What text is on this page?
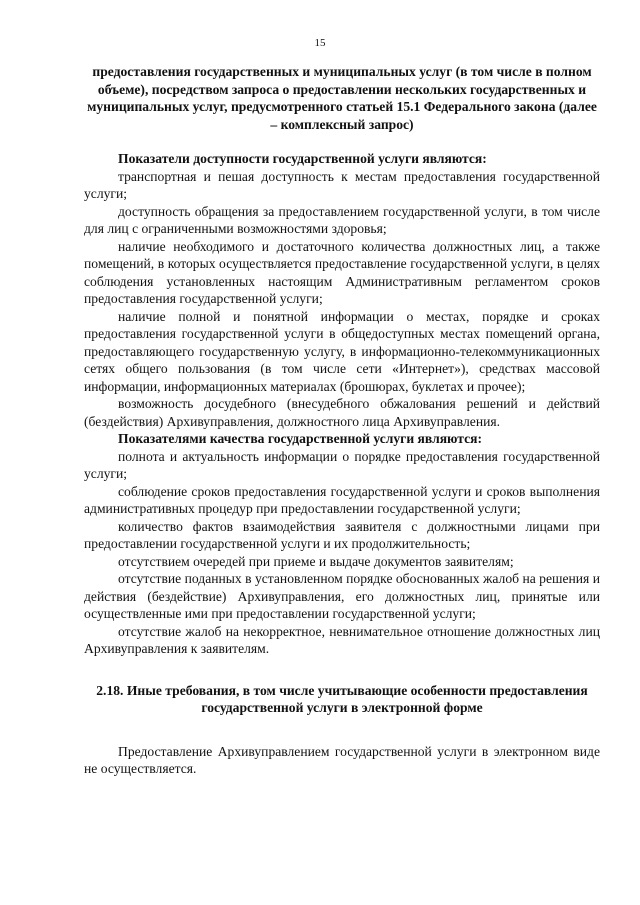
15

предоставления государственных и муниципальных услуг (в том числе в полном объеме), посредством запроса о предоставлении нескольких государственных и муниципальных услуг, предусмотренного статьей 15.1 Федерального закона (далее – комплексный запрос)

Показатели доступности государственной услуги являются:

транспортная и пешая доступность к местам предоставления государственной услуги;

доступность обращения за предоставлением государственной услуги, в том числе для лиц с ограниченными возможностями здоровья;

наличие необходимого и достаточного количества должностных лиц, а также помещений, в которых осуществляется предоставление государственной услуги, в целях соблюдения установленных настоящим Административным регламентом сроков предоставления государственной услуги;

наличие полной и понятной информации о местах, порядке и сроках предоставления государственной услуги в общедоступных местах помещений органа, предоставляющего государственную услугу, в информационно-телекоммуникационных сетях общего пользования (в том числе сети «Интернет»), средствах массовой информации, информационных материалах (брошюрах, буклетах и прочее);

возможность досудебного (внесудебного обжалования решений и действий (бездействия) Архивуправления, должностного лица Архивуправления.

Показателями качества государственной услуги являются:

полнота и актуальность информации о порядке предоставления государственной услуги;

соблюдение сроков предоставления государственной услуги и сроков выполнения административных процедур при предоставлении государственной услуги;

количество фактов взаимодействия заявителя с должностными лицами при предоставлении государственной услуги и их продолжительность;

отсутствием очередей при приеме и выдаче документов заявителям;

отсутствие поданных в установленном порядке обоснованных жалоб на решения и действия (бездействие) Архивуправления, его должностных лиц, принятые или осуществленные ими при предоставлении государственной услуги;

отсутствие жалоб на некорректное, невнимательное отношение должностных лиц Архивуправления к заявителям.

2.18. Иные требования, в том числе учитывающие особенности предоставления государственной услуги в электронной форме

Предоставление Архивуправлением государственной услуги в электронном виде не осуществляется.
